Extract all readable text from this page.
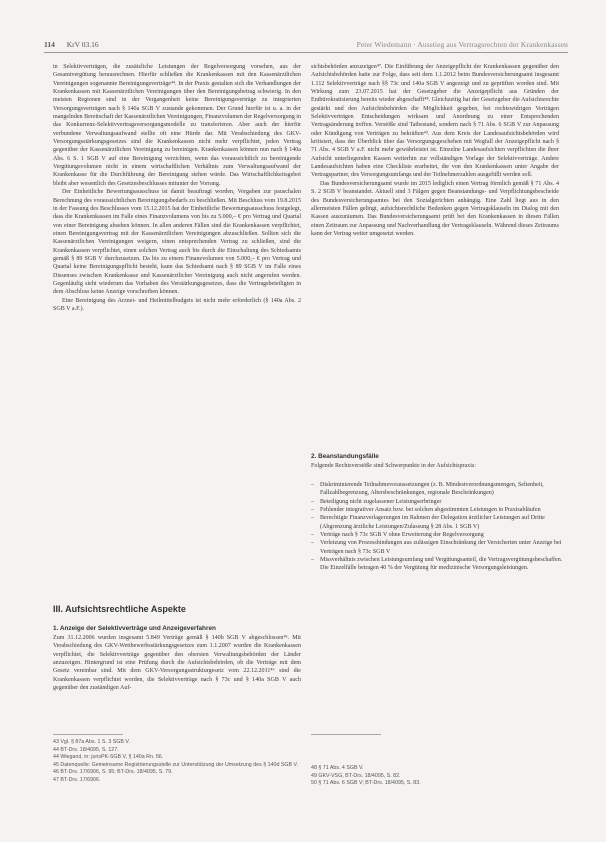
114 KrV 03.16	Peter Wiedemann · Ausstieg aus Vertragsrechten der Krankenkassen

in Selektivverträgen, die zusätzliche Leistungen der Regelversorgung vorsehen, aus der Gesamtvergütung herausrechnen. Hierfür schließen die Krankenkassen mit den Kassenärztlichen Vereinigungen sogenannte Bereinigungsverträge⁴⁴. In der Praxis gestalten sich die Verhandlungen der Krankenkassen mit Kassenärztlichen Vereinigungen über den Bereinigungsbetrag schwierig. In den meisten Regionen sind in der Vergangenheit keine Bereinigungsverträge zu integrierten Versorgungsverträgen nach § 140a SGB V zustande gekommen. Der Grund hierfür ist u. a. in der mangelnden Bereitschaft der Kassenärztlichen Vereinigungen, Finanzvolumen der Regelversorgung in das Konkurrenz-Selektivvertragsversorgungsmodelle zu transferieren. Aber auch der hierfür verbundene Verwaltungsaufwand stellte oft eine Hürde dar. Mit Verabschiedung des GKV-Versorgungsstärkungsgesetzes sind die Krankenkassen nicht mehr verpflichtet, jeden Vertrag gegenüber der Kassenärztlichen Vereinigung zu bereinigen. Krankenkassen können nun nach § 140a Abs. 6 S. 1 SGB V auf eine Bereinigung verzichten, wenn das voraussichtlich zu bereinigende Vergütungsvolumen nicht in einem wirtschaftlichen Verhältnis zum Verwaltungsaufwand der Krankenkasse für die Durchführung der Bereinigung stehen würde. Das Wirtschaftlichkeitsgebot bleibt aber wesentlich des Gesetzesbeschlusses mitunter der Vorrang.

Der Einheitliche Bewertungsausschuss ist damit beauftragt worden, Vorgaben zur pauschalen Berechnung des voraussichtlichen Bereinigungsbedarfs zu beschließen. Mit Beschluss vom 19.8.2015 in der Fassung des Beschlusses vom 15.12.2015 hat der Einheitliche Bewertungsausschuss festgelegt, dass die Krankenkassen im Falle eines Finanzvolumens von bis zu 5.000,– € pro Vertrag und Quartal von einer Bereinigung absehen können. In allen anderen Fällen sind die Krankenkassen verpflichtet, einen Bereinigungsvertrag mit der Kassenärztlichen Vereinigungen abzuschließen. Sollten sich die Kassenärztlichen Vereinigungen weigern, einen entsprechenden Vertrag zu schließen, sind die Krankenkassen verpflichtet, einen solchen Vertrag auch bis durch die Einschaltung des Schiedsamts gemäß § 89 SGB V durchzusetzen. Da bis zu einem Finanzvolumen von 5.000,– € pro Vertrag und Quartal keine Bereinigungspflicht besteht, kann das Schiedsamt nach § 89 SGB V im Falle eines Dissenses zwischen Krankenkasse und Kassenärztlicher Vereinigung auch nicht angerufen werden. Gegenläufig sieht wiederum das Vorhaben des Verstärkungsgesetzes, dass die Vertragsbeteiligten in dem Abschluss keine Anzeige vorschreiben können.

Eine Bereinigung des Arznei- und Heilmittelbudgets ist nicht mehr erforderlich (§ 140a Abs. 2 SGB V a.F.).

III. Aufsichtsrechtliche Aspekte
1. Anzeige der Selektivverträge und Anzeigeverfahren

Zum 31.12.2006 wurden insgesamt 5.849 Verträge gemäß § 140b SGB V abgeschlossen⁴⁵. Mit Verabschiedung des GKV-Wettbewerbsstärkungsgesetzes zum 1.1.2007 wurden die Krankenkassen verpflichtet, die Selektivverträge gegenüber den obersten Verwaltungsbehörden der Länder anzuzeigen. Hintergrund ist eine Prüfung durch die Aufsichtsbehörden, ob die Verträge mit dem Gesetz vereinbar sind. Mit dem GKV-Versorgungsstrukturgesetz vom 22.12.2011⁴⁶ sind die Krankenkassen verpflichtet worden, die Selektivverträge nach § 73c und § 140a SGB V auch gegenüber den zuständigen Auf-

sichtsbehörden anzuzeigen⁴⁷. Die Einführung der Anzeigepflicht der Krankenkassen gegenüber den Aufsichtsbehörden hatte zur Folge, dass seit dem 1.1.2012 beim Bundesversicherungsamt insgesamt 1.112 Selektivverträge nach §§ 73c und 140a SGB V angezeigt und zu geprüften worden sind. Mit Wirkung zum 23.07.2015 hat der Gesetzgeber die Anzeigepflicht aus Gründen der Entbürokratisierung bereits wieder abgeschafft⁴⁸. Gleichzeitig hat der Gesetzgeber die Aufsichtsrechte gestärkt und den Aufsichtsbehörden die Möglichkeit gegeben, bei rechtswidrigen Verträgen Selektivverträgen Entscheidungen wirksam und Anordnung zu einer Entsprechenden Vertragsänderung treffen. Verstöße sind Tatbestand, sondern nach § 71 Abs. 6 SGB V zur Anpassung oder Kündigung von Verträgen zu bekräften⁴⁹. Aus dem Kreis der Landesaufsichtsbehörden wird kritisiert, dass der Überblick über das Versorgungsgeschehen mit Wegfall der Anzeigepflicht nach § 71 Abs. 4 SGB V a.F. nicht mehr gewährleistet ist. Einzelne Landesaufsichten verpflichten die ihrer Aufsicht unterliegenden Kassen weiterhin zur vollständigen Vorlage der Selektivverträge. Andere Landesaufsichten haben eine Checkliste erarbeitet, die von den Krankenkassen unter Angabe der Vertragspartner, des Versorgungsumfangs und der Teilnehmerzahlen ausgefüllt werden soll.

Das Bundesversicherungsamt wurde im 2015 lediglich einen Vertrag förmlich gemäß § 71 Abs. 4 S. 2 SGB V beanstandet. Aktuell sind 3 Fälgen gegen Beanstandungs- und Verpflichtungsbescheide des Bundesversicherungsamtes bei den Sozialgerichten anhängig. Eine Zahl liegt aus in den allermeisten Fällen gelingt, aufsichtsrechtliche Bedenken gegen Vertragsklauseln im Dialog mit den Kassen auszuräumen. Das Bundesversicherungsamt prüft bei den Krankenkassen in diesen Fällen einen Zeitraum zur Anpassung und Nachverhandlung der Vertragsklauseln. Während dieses Zeitraums kann der Vertrag weiter umgesetzt werden.

2. Beanstandungsfälle

Folgende Rechtsverstöße sind Schwerpunkte in der Aufsichtspraxis:

– Diskriminierende Teilnahmevoraussetzungen (z. B. Mindestverordnungsmengen, Seltenheit, Fallzahlbegrenzung, Altersbeschränkungen, regionale Beschränkungen)
– Beteiligung nicht zugelassener Leistungserbringer
– Fehlender integrativer Ansatz bzw. bei solchen abgestimmten Leistungen in Praxisabläufen
– Berechtigte Finanzverlagerungen im Rahmen der Delegation ärztlicher Leistungen auf Dritte (Abgrenzung ärztliche Leistungen/Zulassung § 28 Abs. 1 SGB V)
– Verträge nach § 73c SGB V ohne Erweiterung der Regelversorgung
– Verletzung von Prozessbindungen aus zulässigen Einschränkung der Versicherten unter Anzeige bei Verträgen nach § 73c SGB V
– Missverhältnis zwischen Leistungsumfang und Vergütungsanteil, die Vertragsvergütungsbeschaffen. Die Einzelfälle betragen 40 % der Vergütung für medizinische Versorgungsleistungen.
43 Vgl. § 87a Abs. 1 S. 3 SGB V.
44 BT-Drs. 18/4095, S. 127.
44 Wiegand, in: jurisPK-SGB V, § 140a Rn. 56.
45 Datenquelle: Gemeinsame Registrierungsstelle zur Unterstützung der Umsetzung des § 140d SGB V.
46 BT-Drs. 17/6906, S. 95; BT-Drs. 18/4095, S. 79.
47 BT-Drs. 17/6906.
48 § 71 Abs. 4 SGB V.
49 GKV-VSG, BT-Drs. 18/4095, S. 82.
50 § 71 Abs. 6 SGB V; BT-Drs. 18/4095, S. 83.
